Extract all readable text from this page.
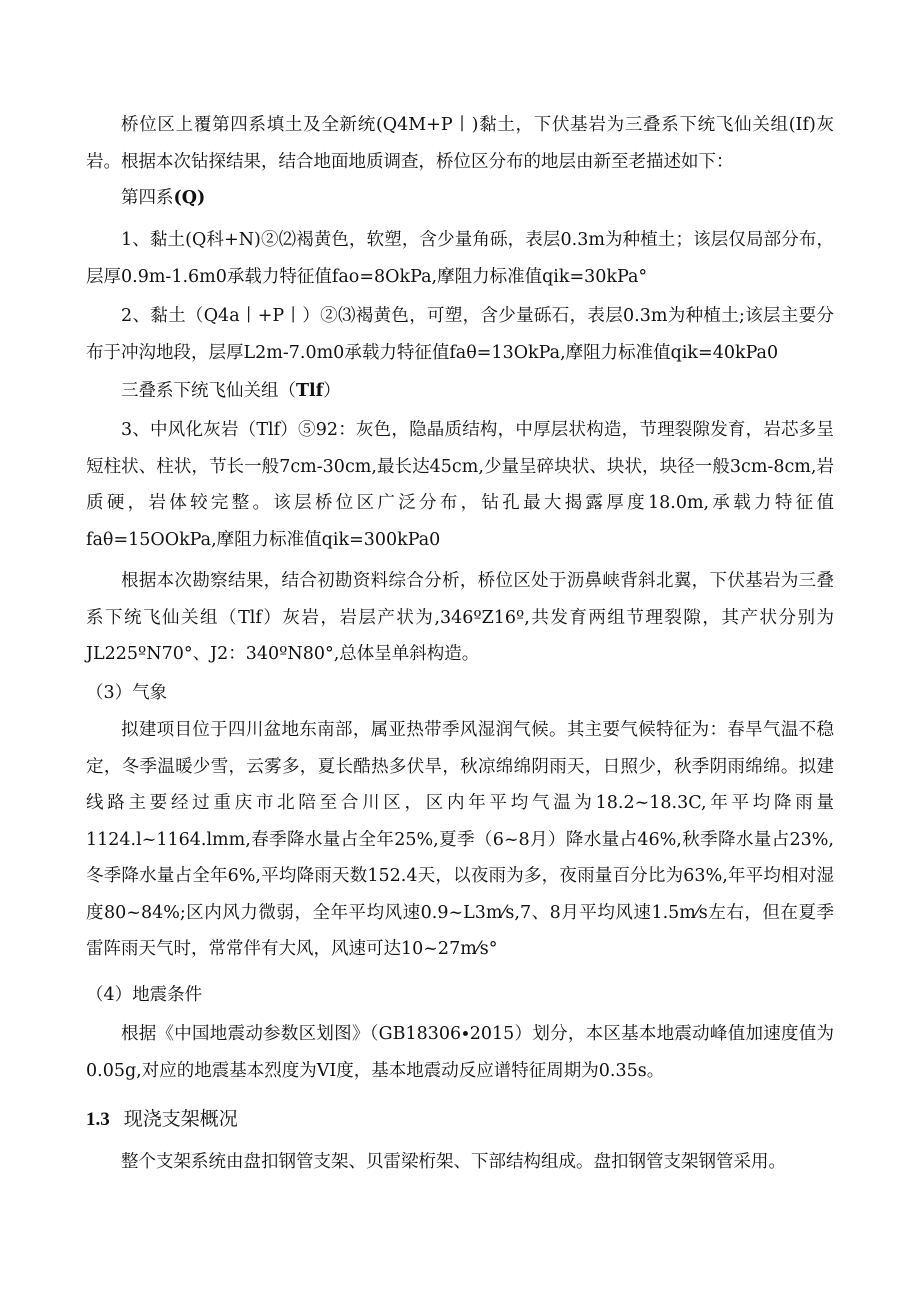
桥位区上覆第四系填土及全新统(Q4M+P丨)黏土，下伏基岩为三叠系下统飞仙关组(If)灰岩。根据本次钻探结果，结合地面地质调查，桥位区分布的地层由新至老描述如下：

第四系(Q)

1、黏土(Q科+N)②⑵褐黄色，软塑，含少量角砾，表层0.3m为种植土；该层仅局部分布，层厚0.9m-1.6m0承载力特征值fao=8OkPa,摩阻力标准值qik=30kPa°

2、黏土（Q4a丨+P丨）②⑶褐黄色，可塑，含少量砾石，表层0.3m为种植土;该层主要分布于冲沟地段，层厚L2m-7.0m0承载力特征值faθ=13OkPa,摩阻力标准值qik=40kPa0

三叠系下统飞仙关组（Tlf）

3、中风化灰岩（Tlf）⑤92：灰色，隐晶质结构，中厚层状构造，节理裂隙发育，岩芯多呈短柱状、柱状，节长一般7cm-30cm,最长达45cm,少量呈碎块状、块状，块径一般3cm-8cm,岩质硬，岩体较完整。该层桥位区广泛分布，钻孔最大揭露厚度18.0m,承载力特征值faθ=15OOkPa,摩阻力标准值qik=300kPa0

根据本次勘察结果，结合初勘资料综合分析，桥位区处于沥鼻峡背斜北翼，下伏基岩为三叠系下统飞仙关组（Tlf）灰岩，岩层产状为,346ºZ16º,共发育两组节理裂隙，其产状分别为JL225ºN70°、J2：340ºN80°,总体呈单斜构造。

（3）气象

拟建项目位于四川盆地东南部，属亚热带季风湿润气候。其主要气候特征为：春旱气温不稳定，冬季温暖少雪，云雾多，夏长酷热多伏旱，秋凉绵绵阴雨天，日照少，秋季阴雨绵绵。拟建线路主要经过重庆市北陪至合川区，区内年平均气温为18.2~18.3C,年平均降雨量1124.l~1164.lmm,春季降水量占全年25%,夏季（6~8月）降水量占46%,秋季降水量占23%,冬季降水量占全年6%,平均降雨天数152.4天，以夜雨为多，夜雨量百分比为63%,年平均相对湿度80~84%;区内风力微弱，全年平均风速0.9~L3m⁄s,7、8月平均风速1.5m⁄s左右，但在夏季雷阵雨天气时，常常伴有大风，风速可达10~27m⁄s°

（4）地震条件

根据《中国地震动参数区划图》（GB18306∙2015）划分，本区基本地震动峰值加速度值为0.05g,对应的地震基本烈度为VI度，基本地震动反应谱特征周期为0.35s。

1.3 现浇支架概况

整个支架系统由盘扣钢管支架、贝雷梁桁架、下部结构组成。盘扣钢管支架钢管采用。
